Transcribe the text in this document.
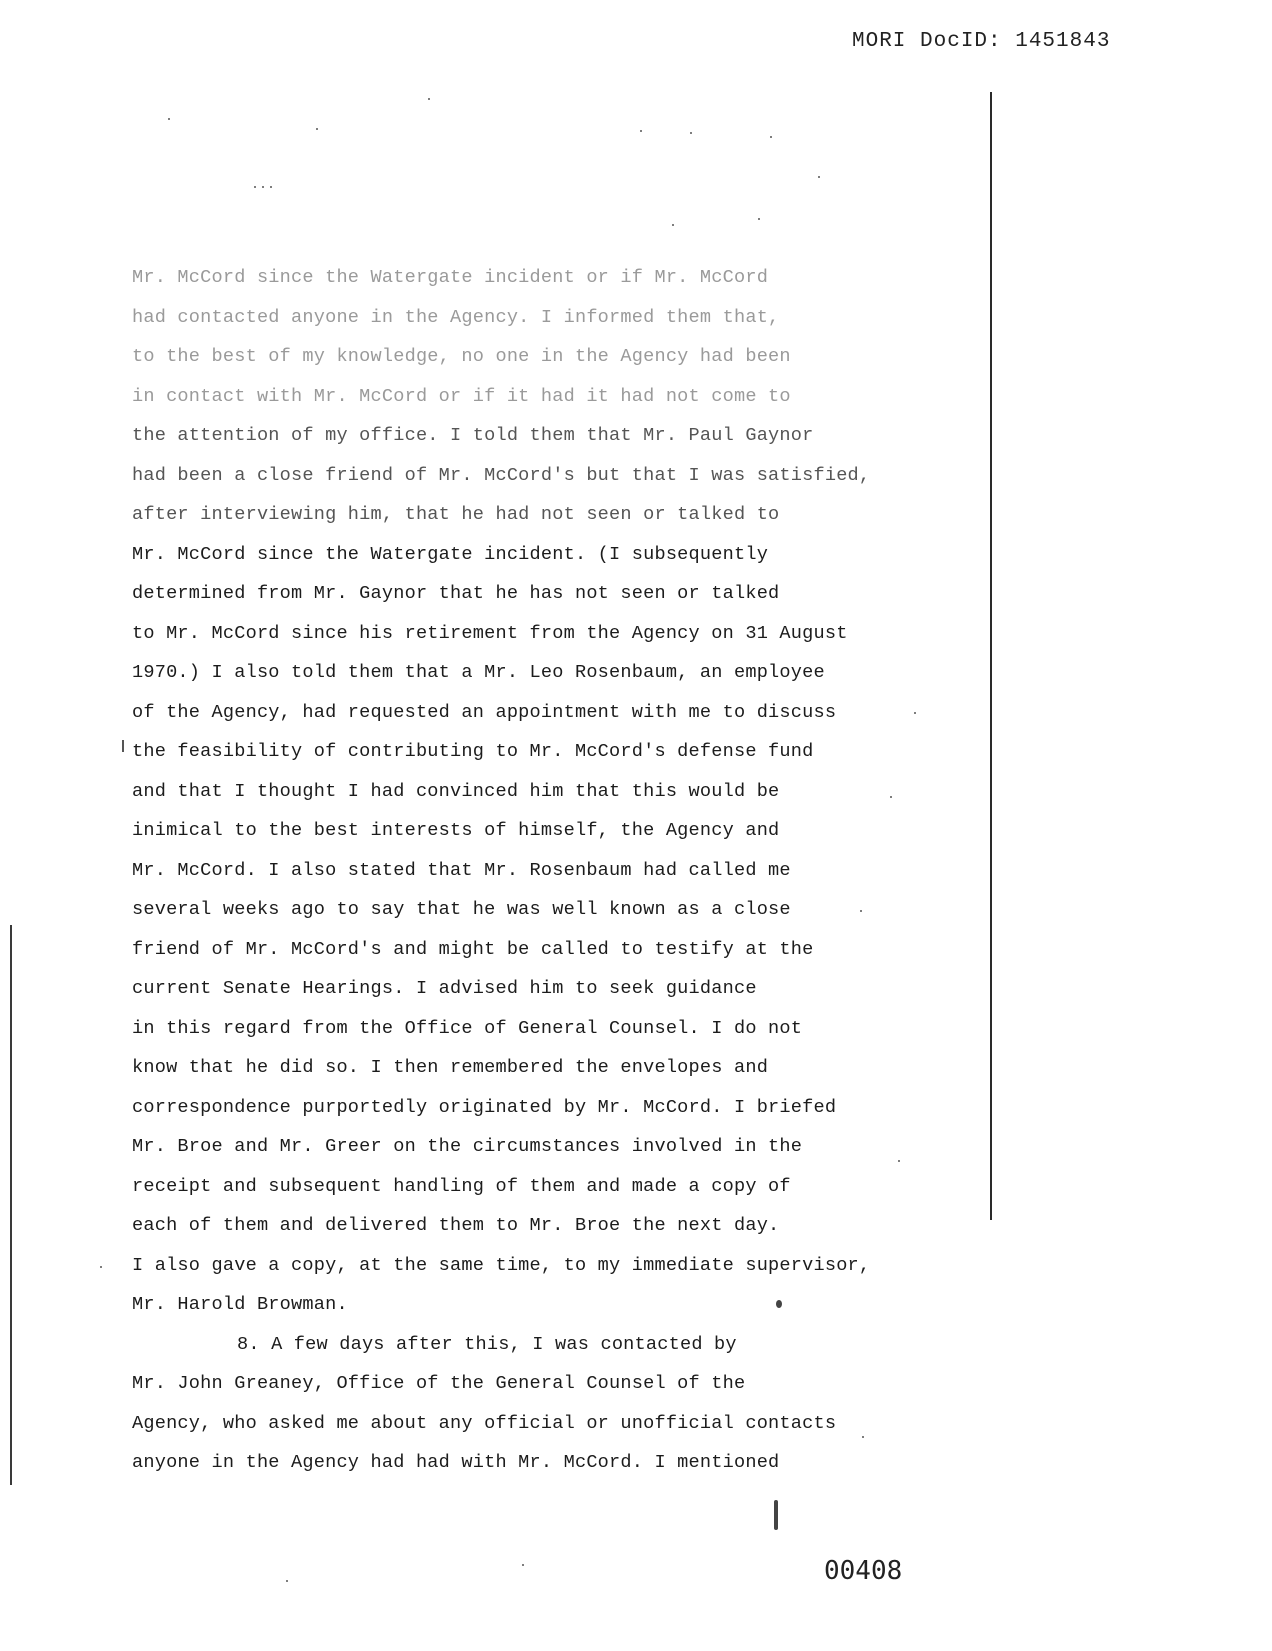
MORI DocID: 1451843
Mr. McCord since the Watergate incident or if Mr. McCord
had contacted anyone in the Agency. I informed them that,
to the best of my knowledge, no one in the Agency had been
in contact with Mr. McCord or if it had it had not come to
the attention of my office. I told them that Mr. Paul Gaynor
had been a close friend of Mr. McCord's but that I was satisfied,
after interviewing him, that he had not seen or talked to
Mr. McCord since the Watergate incident. (I subsequently
determined from Mr. Gaynor that he has not seen or talked
to Mr. McCord since his retirement from the Agency on 31 August
1970.) I also told them that a Mr. Leo Rosenbaum, an employee
of the Agency, had requested an appointment with me to discuss
the feasibility of contributing to Mr. McCord's defense fund
and that I thought I had convinced him that this would be
inimical to the best interests of himself, the Agency and
Mr. McCord. I also stated that Mr. Rosenbaum had called me
several weeks ago to say that he was well known as a close
friend of Mr. McCord's and might be called to testify at the
current Senate Hearings. I advised him to seek guidance
in this regard from the Office of General Counsel. I do not
know that he did so. I then remembered the envelopes and
correspondence purportedly originated by Mr. McCord. I briefed
Mr. Broe and Mr. Greer on the circumstances involved in the
receipt and subsequent handling of them and made a copy of
each of them and delivered them to Mr. Broe the next day.
I also gave a copy, at the same time, to my immediate supervisor,
Mr. Harold Browman.
8. A few days after this, I was contacted by
Mr. John Greaney, Office of the General Counsel of the
Agency, who asked me about any official or unofficial contacts
anyone in the Agency had had with Mr. McCord. I mentioned
00408
